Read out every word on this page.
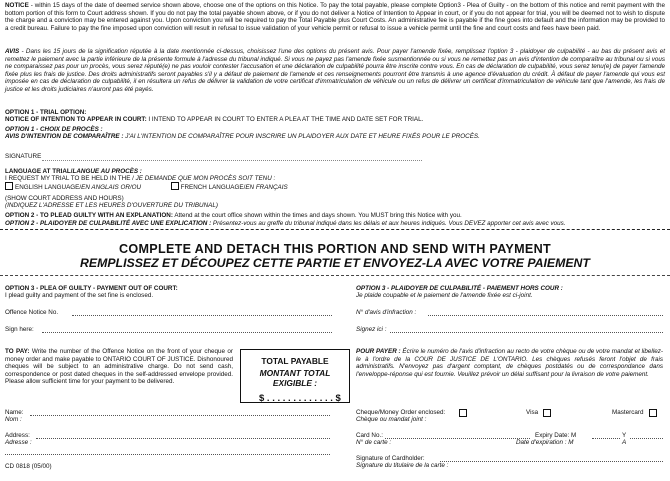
NOTICE - within 15 days of the date of deemed service shown above, choose one of the options on this Notice. To pay the total payable, please complete Option3 - Plea of Guilty - on the bottom of this notice and remit payment with the bottom portion of this form to Court address shown. If you do not pay the total payable shown above, or if you do not deliver a Notice of Intention to Appear in court, or if you do not appear for trial, you will be deemed not to wish to dispute the charge and a conviction may be entered against you. Upon conviction you will be required to pay the Total Payable plus Court Costs. An administrative fee is payable if the fine goes into default and the information may be provided to a credit bureau. Failure to pay the fine imposed upon conviction will result in refusal to issue validation of your vehicle permit or refusal to issue a vehicle permit until the fine and court costs and fees have been paid.
AVIS - Dans les 15 jours de la signification réputée à la date mentionnée ci-dessus, choisissez l'une des options du présent avis. Pour payer l'amende fixée, remplissez l'option 3 - plaidoyer de culpabilité - au bas du présent avis et remettez le paiement avec la partie inférieure de la présente formule à l'adresse du tribunal indiqué. Si vous ne payez pas l'amende fixée susmentionnée ou si vous ne remettez pas un avis d'intention de comparaître au tribunal ou si vous ne comparaissez pas pour un procès, vous serez réputé(e) ne pas vouloir contester l'accusation et une déclaration de culpabilité pourra être inscrite contre vous. En cas de déclaration de culpabilité, vous serez tenu(e) de payer l'amende fixée plus les frais de justice. Des droits administratifs seront payables s'il y a défaut de paiement de l'amende et ces renseignements pourront être transmis à une agence d'évaluation du crédit. À défaut de payer l'amende qui vous est imposée en cas de déclaration de culpabilité, il en résultera un refus de délivrer la validation de votre certificat d'immatriculation de véhicule ou un refus de délivrer un certificat d'immatriculation de véhicule tant que l'amende, les frais de justice et les droits judiciaires n'auront pas été payés.
OPTION 1 - TRIAL OPTION:
NOTICE OF INTENTION TO APPEAR IN COURT: I INTEND TO APPEAR IN COURT TO ENTER A PLEA AT THE TIME AND DATE SET FOR TRIAL.
OPTION 1 - CHOIX DE PROCÈS :
AVIS D'INTENTION DE COMPARAÎTRE : J'AI L'INTENTION DE COMPARAÎTRE POUR INSCRIRE UN PLAIDOYER AUX DATE ET HEURE FIXÉS POUR LE PROCÈS.
SIGNATURE
LANGUAGE AT TRIAL/LANGUE AU PROCÈS :
I REQUEST MY TRIAL TO BE HELD IN THE / JE DEMANDE QUE MON PROCÈS SOIT TENU :
ENGLISH LANGUAGE/EN ANGLAIS OR/OU	FRENCH LANGUAGE/EN FRANÇAIS
(SHOW COURT ADDRESS AND HOURS)
(INDIQUEZ L'ADRESSE ET LES HEURES D'OUVERTURE DU TRIBUNAL)
OPTION 2 - TO PLEAD GUILTY WITH AN EXPLANATION: Attend at the court office shown within the times and days shown. You MUST bring this Notice with you.
OPTION 2 - PLAIDOYER DE CULPABILITÉ AVEC UNE EXPLICATION : Présentez-vous au greffe du tribunal indiqué dans les délais et aux heures indiqués. Vous DEVEZ apporter cet avis avec vous.
COMPLETE AND DETACH THIS PORTION AND SEND WITH PAYMENT
REMPLISSEZ ET DÉCOUPEZ CETTE PARTIE ET ENVOYEZ-LA AVEC VOTRE PAIEMENT
OPTION 3 - PLEA OF GUILTY - PAYMENT OUT OF COURT:
I plead guilty and payment of the set fine is enclosed.
OPTION 3 - PLAIDOYER DE CULPABILITÉ - PAIEMENT HORS COUR :
Je plaide coupable et le paiement de l'amende fixée est ci-joint.
Offence Notice No.	N° d'avis d'infraction :
Sign here:	Signez ici :
TO PAY: Write the number of the Offence Notice on the front of your cheque or money order and make payable to ONTARIO COURT OF JUSTICE. Dishonoured cheques will be subject to an administrative charge. Do not send cash, correspondence or post dated cheques in the self-addressed envelope provided. Please allow sufficient time for your payment to be delivered.
TOTAL PAYABLE
MONTANT TOTAL EXIGIBLE :
$ . . . . . . . . . . . . . $
POUR PAYER : Écrire le numéro de l'avis d'infraction au recto de votre chèque ou de votre mandat et libellez-le à l'ordre de la COUR DE JUSTICE DE L'ONTARIO. Les chèques refusés feront l'objet de frais administratifs. N'envoyez pas d'argent comptant, de chèques postdatés ou de correspondance dans l'enveloppe-réponse qui est fournie. Veuillez prévoir un délai suffisant pour la livraison de votre paiement.
Name:
Nom :
Address:
Adresse :
CD 0818 (05/00)
Cheque/Money Order enclosed:
Chèque ou mandat joint :
Visa	Mastercard
Card No.:
N° de carte :
Expiry Date: M	Y
Date d'expiration : M	A
Signature of Cardholder:
Signature du titulaire de la carte :
